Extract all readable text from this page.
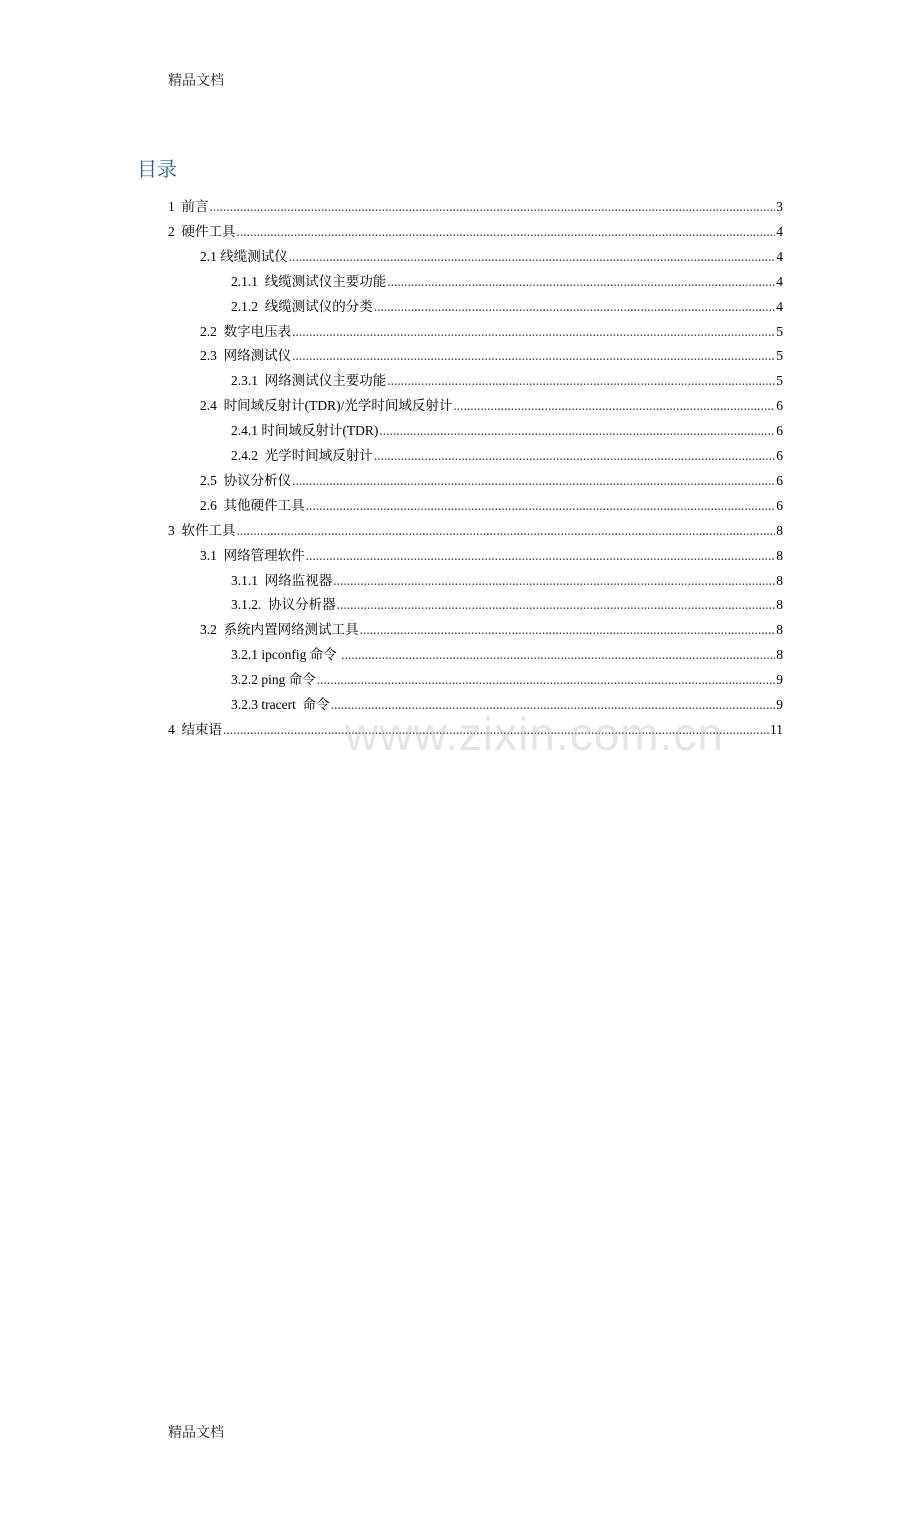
精品文档
目录
1  前言 .....	3
2  硬件工具 .....	4
2.1 线缆测试仪 .....	4
2.1.1  线缆测试仪主要功能 .....	4
2.1.2  线缆测试仪的分类 .....	4
2.2  数字电压表 .....	5
2.3  网络测试仪 .....	5
2.3.1  网络测试仪主要功能 .....	5
2.4  时间域反射计(TDR)/光学时间域反射计 .....	6
2.4.1 时间域反射计(TDR) .....	6
2.4.2  光学时间域反射计 .....	6
2.5  协议分析仪 .....	6
2.6  其他硬件工具 .....	6
3  软件工具 .....	8
3.1  网络管理软件 .....	8
3.1.1  网络监视器 .....	8
3.1.2.  协议分析器 .....	8
3.2  系统内置网络测试工具 .....	8
3.2.1 ipconfig 命令 .....	8
3.2.2 ping 命令 .....	9
3.2.3 tracert  命令 .....	9
4  结束语 .....	11
www.zixin.com.cn
精品文档
